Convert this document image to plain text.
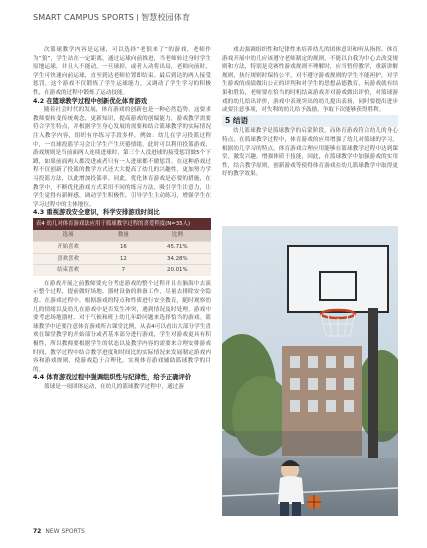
SMART CAMPUS SPORTS 智慧校园体育

次篮球教学内容是运球，可以选择“老狼来了”的游戏，老师作为“狼”，学生站在一定距离，通过运球向前推进，当老师转过身时学生原地运球，并且人不能动，一旦球掉，或者人动将出局，老师向前时，学生可快速向前运球，直至到达老师位置即结束。最后到达的两人接受惩罚。这个游戏不仅锻炼了学生运球能力，又调动了学生学习的积极性，在游戏的过程中锻炼了运动技能。

4.2 在篮球教学过程中创新优化体育游戏

随着社会时代的发展，体育游戏的创新也是一种必然趋势。这要求教师要转变传统观念，更新知识，提高游戏的创编能力，游戏教学需要符合学生特点，并根据学生身心发展的需要和结合篮球教学的实际情况注入教学内容，组织有序练习手段多样。例如：幼儿在学习投篮过程中，一直球投篮学习会让学生产生厌倦情绪，此时可以利用投篮游戏，游戏规则是当前面两人连续进球时，第三个人没进球的接受惩罚做5个下蹲，如果前面两人都没进或者只有一人进球都不做惩罚。在这种游戏过程不仅创新了投篮的教学方式还大大提高了幼儿的兴趣性，更加努力学习投篮方法，以此增加投篮率。同此，优化体育游戏是必要的措施，在教学中，不断优化游戏方式采用不同的练习方法，吸引学生注意力，让学生觉得有新鲜感，调动学生积极性，引导学生主动练习，增强学生在学习过程中的主体地位。

4.3 重视游戏安全意识，科学安排游戏时间比

表4 幼儿对体育游戏法应用于篮球教学过程的喜爱程度(N=35人)

选项	数量	比例
开始喜欢	16	45.71%
喜欢喜欢	12	34.28%
结束喜欢	7	20.01%

在游戏开展之前教师要充分考虑游戏的整个过程并且在脑海中去演示整个过程，提前做好场地、器材设备的准备工作，尽量去排除安全隐患。在游戏过程中，根据游戏的特点和性质进行安全教育，随时观察幼儿的情绪以及幼儿在游戏中是否发生冲突，遇到情况及时处理，游戏中要考虑场地器材、对于气候和班上幼儿年龄问题来选择恰当的游戏。篮球教学中还要注意体育游戏所占课堂比例，从表4可以看出大部分学生喜欢在课堂教学的开始部分或者基本部分进行游戏，学生对游戏更具有积极性，所以教师要根据学生的状态以及教学内容的需要来合理安排游戏时间，教学过程中结合教学进度和时间比的实际情况来发展制定游戏内容和游戏规则，使游戏趋于合理化，实现体育游戏辅助篮球教学的目的。

4.4 体育游戏过程中强调组织性与纪律性，给予正确评价

篮球是一项团体运动，在幼儿的篮球教学过程中，通过游

戏去强调组织性和纪律性来培养幼儿的团体意识和听从指挥。体育游戏开展中幼儿应该遵守老师制定的规则，不能以自我为中心去改变规则和方法，特别是竞赛性游戏规则不理解时，应当暂停教学，重新讲解规则，执行规则时保持公平，对不遵守游戏规则的学生不能袒护，对学生游戏的成绩做出公正的评判和对学生的思想品德教育，玩游戏就有结果和胜负，老师要在恰当的时机结束游戏并对游戏做出评价，对篮球游戏的幼儿给出评价，游戏中表现突出的幼儿提出表扬，同时要提出进步或要注意事项，对失利的幼儿给予鼓励，争取下次能够获得胜利。

5 结语

幼儿篮球教学是篮球教学的启蒙阶段，而体育游戏符合幼儿的身心特点，在篮球教学过程中，体育游戏的应用增强了幼儿对篮球的学习，根据幼儿学习的特点，体育游戏合理应用能够在篮球教学过程中达到课堂，激发兴趣，增强体质于技能，因此，在篮球教学中加强游戏的实用性，结合教学原则，创新游戏等使得体育游戏在幼儿篮球教学中取得更好的教学效果。

72 NEW SPORTS
